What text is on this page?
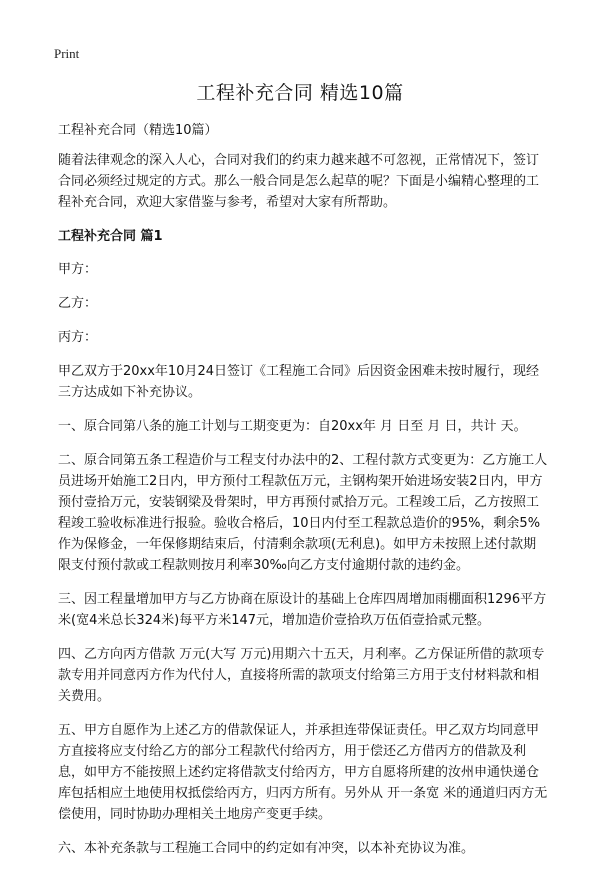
Print
工程补充合同 精选10篇

工程补充合同（精选10篇）

随着法律观念的深入人心，合同对我们的约束力越来越不可忽视，正常情况下，签订合同必须经过规定的方式。那么一般合同是怎么起草的呢？下面是小编精心整理的工程补充合同，欢迎大家借鉴与参考，希望对大家有所帮助。

工程补充合同 篇1

甲方：

乙方：

丙方：

甲乙双方于20xx年10月24日签订《工程施工合同》后因资金困难未按时履行，现经三方达成如下补充协议。

一、原合同第八条的施工计划与工期变更为：自20xx年 月 日至 月 日，共计 天。

二、原合同第五条工程造价与工程支付办法中的2、工程付款方式变更为：乙方施工人员进场开始施工2日内，甲方预付工程款伍万元，主钢构架开始进场安装2日内，甲方预付壹拾万元，安装钢梁及骨架时，甲方再预付贰拾万元。工程竣工后，乙方按照工程竣工验收标准进行报验。验收合格后，10日内付至工程款总造价的95%，剩余5%作为保修金，一年保修期结束后，付清剩余款项(无利息)。如甲方未按照上述付款期限支付预付款或工程款则按月利率30‰向乙方支付逾期付款的违约金。

三、因工程量增加甲方与乙方协商在原设计的基础上仓库四周增加雨棚面积1296平方米(宽4米总长324米)每平方米147元，增加造价壹拾玖万伍佰壹拾贰元整。

四、乙方向丙方借款 万元(大写 万元)用期六十五天，月利率。乙方保证所借的款项专款专用并同意丙方作为代付人，直接将所需的款项支付给第三方用于支付材料款和相关费用。

五、甲方自愿作为上述乙方的借款保证人，并承担连带保证责任。甲乙双方均同意甲方直接将应支付给乙方的部分工程款代付给丙方，用于偿还乙方借丙方的借款及利息，如甲方不能按照上述约定将借款支付给丙方，甲方自愿将所建的汝州申通快递仓库包括相应土地使用权抵偿给丙方，归丙方所有。另外从 开一条宽 米的通道归丙方无偿使用，同时协助办理相关土地房产变更手续。

六、本补充条款与工程施工合同中的约定如有冲突，以本补充协议为准。
